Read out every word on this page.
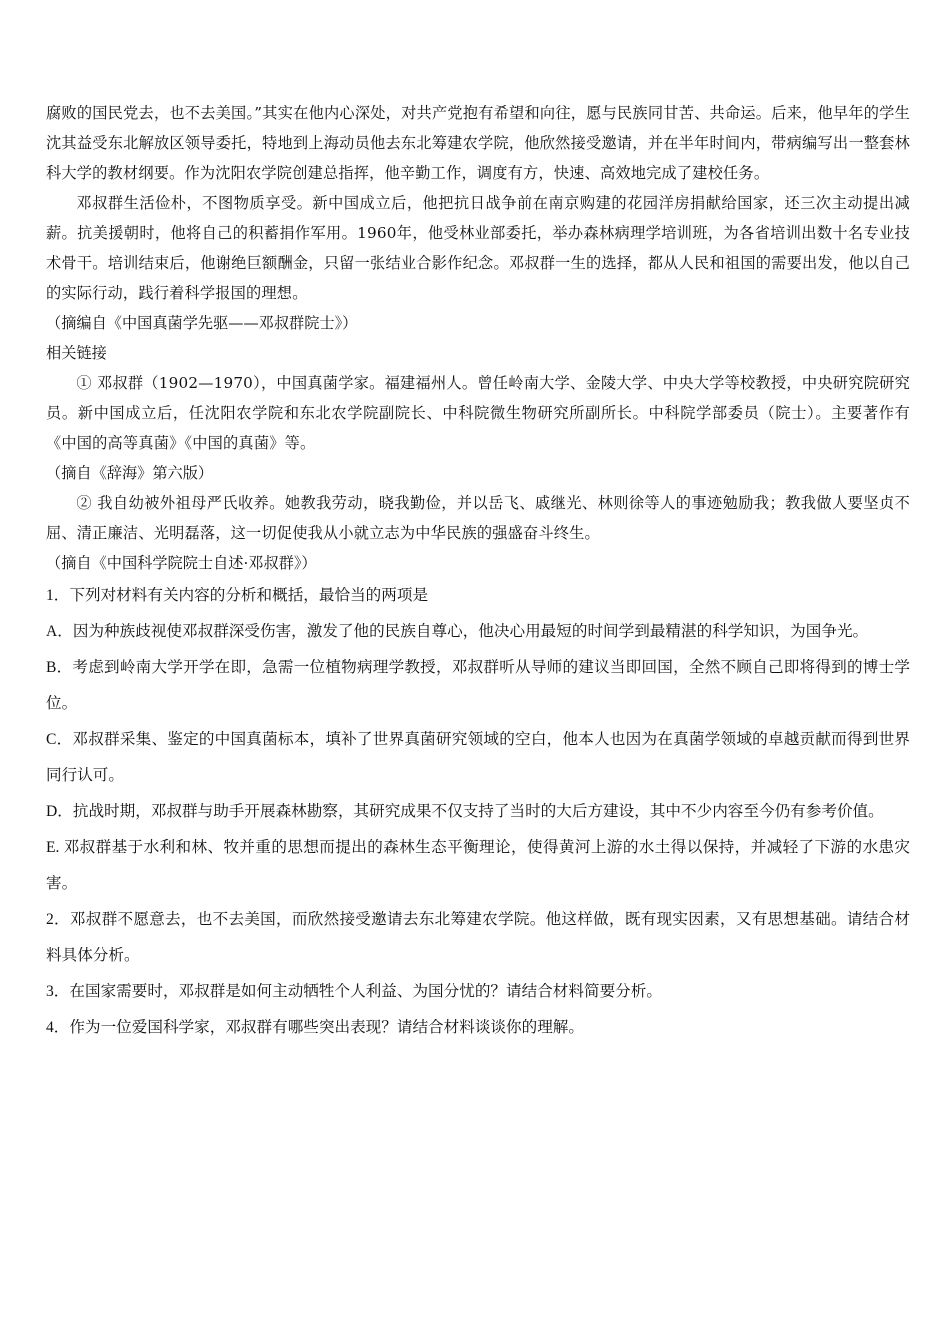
腐败的国民党去，也不去美国。”其实在他内心深处，对共产党抱有希望和向往，愿与民族同甘苦、共命运。后来，他早年的学生沈其益受东北解放区领导委托，特地到上海动员他去东北筹建农学院，他欣然接受邀请，并在半年时间内，带病编写出一整套林科大学的教材纲要。作为沈阳农学院创建总指挥，他辛勤工作，调度有方，快速、高效地完成了建校任务。

邓叔群生活俭朴，不图物质享受。新中国成立后，他把抗日战争前在南京购建的花园洋房捐献给国家，还三次主动提出减薪。抗美援朝时，他将自己的积蓄捐作军用。1960年，他受林业部委托，举办森林病理学培训班，为各省培训出数十名专业技术骨干。培训结束后，他谢绝巨额酬金，只留一张结业合影作纪念。邓叔群一生的选择，都从人民和祖国的需要出发，他以自己的实际行动，践行着科学报国的理想。

（摘编自《中国真菌学先驱——邓叔群院士》）

相关链接

① 邓叔群（1902—1970），中国真菌学家。福建福州人。曾任岭南大学、金陵大学、中央大学等校教授，中央研究院研究员。新中国成立后，任沈阳农学院和东北农学院副院长、中科院微生物研究所副所长。中科院学部委员（院士）。主要著作有《中国的高等真菌》《中国的真菌》等。

（摘自《辞海》第六版）

② 我自幼被外祖母严氏收养。她教我劳动，晓我勤俭，并以岳飞、戚继光、林则徐等人的事迹勉励我；教我做人要坚贞不屈、清正廉洁、光明磊落，这一切促使我从小就立志为中华民族的强盛奋斗终生。

（摘自《中国科学院院士自述·邓叔群》）

1．下列对材料有关内容的分析和概括，最恰当的两项是

A．因为种族歧视使邓叔群深受伤害，激发了他的民族自尊心，他决心用最短的时间学到最精湛的科学知识，为国争光。

B．考虑到岭南大学开学在即，急需一位植物病理学教授，邓叔群听从导师的建议当即回国，全然不顾自己即将得到的博士学位。

C．邓叔群采集、鉴定的中国真菌标本，填补了世界真菌研究领域的空白，他本人也因为在真菌学领域的卓越贡献而得到世界同行认可。

D．抗战时期，邓叔群与助手开展森林勘察，其研究成果不仅支持了当时的大后方建设，其中不少内容至今仍有参考价值。

E. 邓叔群基于水利和林、牧并重的思想而提出的森林生态平衡理论，使得黄河上游的水土得以保持，并减轻了下游的水患灾害。

2．邓叔群不愿意去，也不去美国，而欣然接受邀请去东北筹建农学院。他这样做，既有现实因素，又有思想基础。请结合材料具体分析。

3．在国家需要时，邓叔群是如何主动牺牲个人利益、为国分忧的？请结合材料简要分析。

4．作为一位爱国科学家，邓叔群有哪些突出表现？请结合材料谈谈你的理解。
